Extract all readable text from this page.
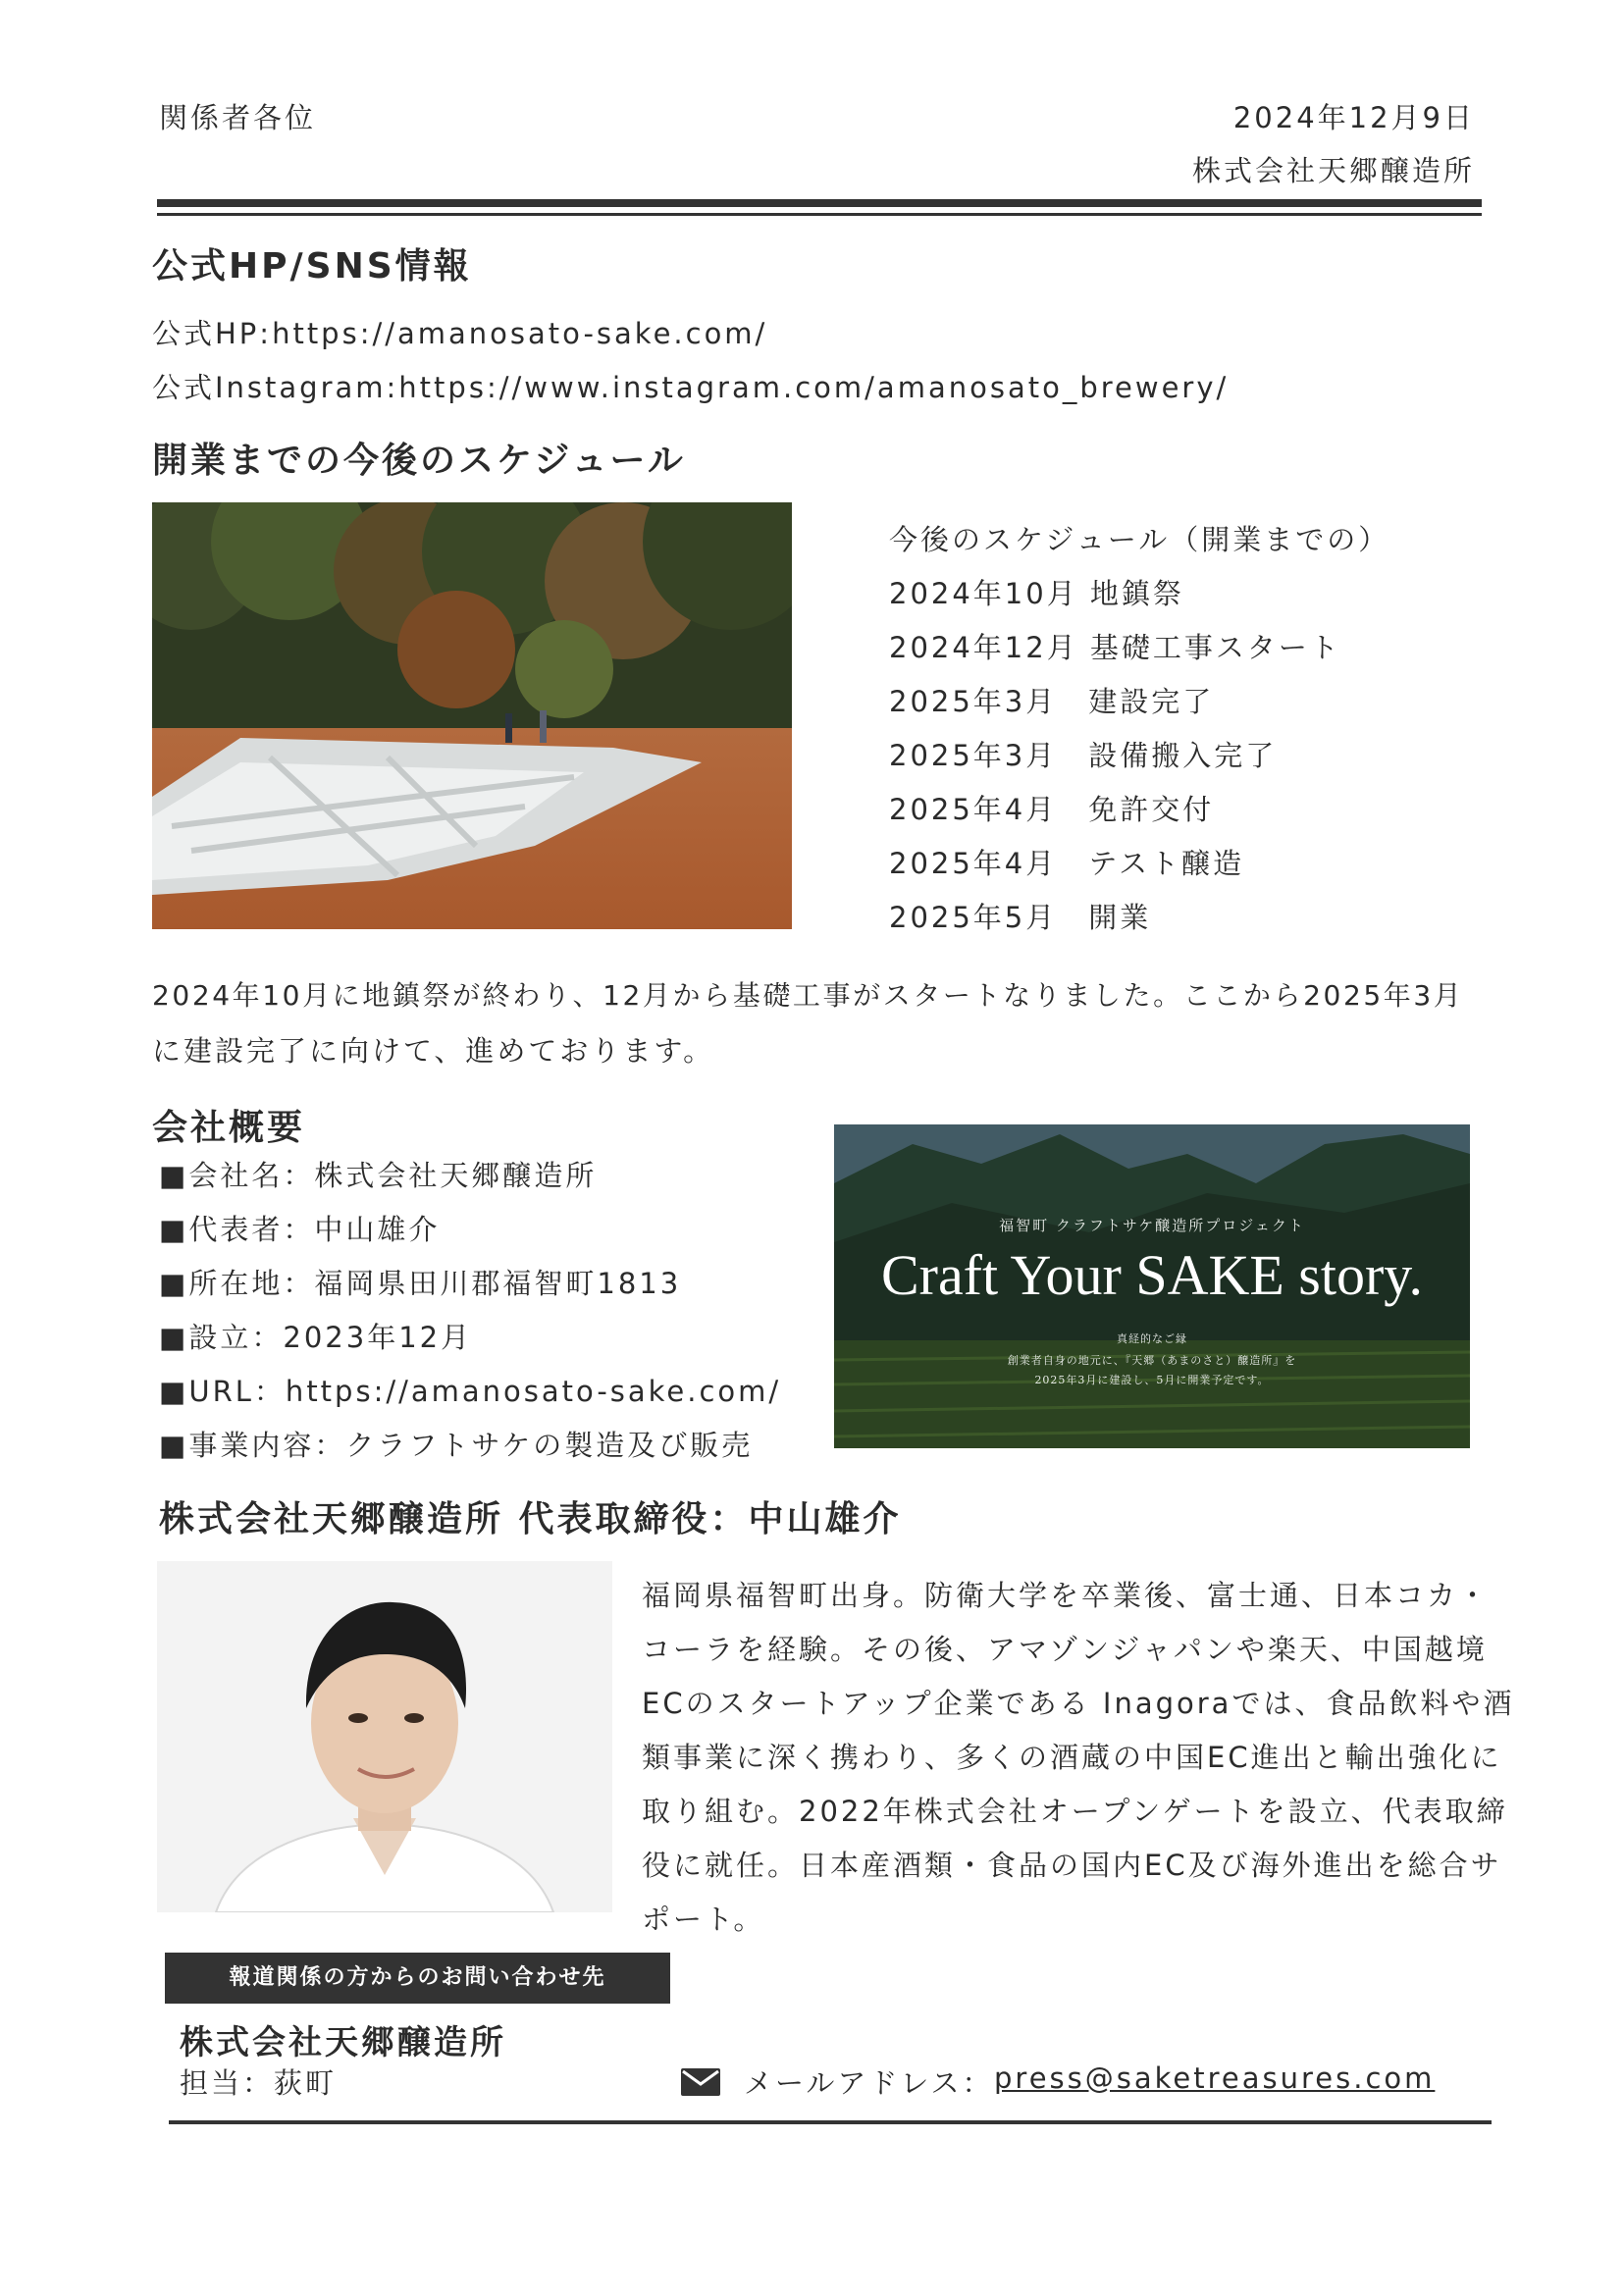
関係者各位	2024年12月9日
株式会社天郷醸造所
公式HP/SNS情報
公式HP:https://amanosato-sake.com/
公式Instagram:https://www.instagram.com/amanosato_brewery/
開業までの今後のスケジュール
今後のスケジュール（開業までの）
2024年10月 地鎮祭
2024年12月 基礎工事スタート
2025年3月　建設完了
2025年3月　設備搬入完了
2025年4月　免許交付
2025年4月　テスト醸造
2025年5月　開業
2024年10月に地鎮祭が終わり、12月から基礎工事がスタートなりました。ここから2025年3月
に建設完了に向けて、進めております。
会社概要
■会社名：株式会社天郷醸造所
■代表者：中山雄介
■所在地：福岡県田川郡福智町1813
■設立：2023年12月
■URL：https://amanosato-sake.com/
■事業内容：クラフトサケの製造及び販売
福智町 クラフトサケ醸造所プロジェクト
Craft Your SAKE story.
真経的なご縁
創業者自身の地元に、『天郷（あまのさと）醸造所』を
2025年3月に建設し、5月に開業予定です。
株式会社天郷醸造所 代表取締役：中山雄介
福岡県福智町出身。防衛大学を卒業後、富士通、日本コカ・
コーラを経験。その後、アマゾンジャパンや楽天、中国越境
ECのスタートアップ企業である Inagoraでは、食品飲料や酒
類事業に深く携わり、多くの酒蔵の中国EC進出と輸出強化に
取り組む。2022年株式会社オープンゲートを設立、代表取締
役に就任。日本産酒類・食品の国内EC及び海外進出を総合サ
ポート。
報道関係の方からのお問い合わせ先
株式会社天郷醸造所
担当：荻町	メールアドレス： press@saketreasures.com
